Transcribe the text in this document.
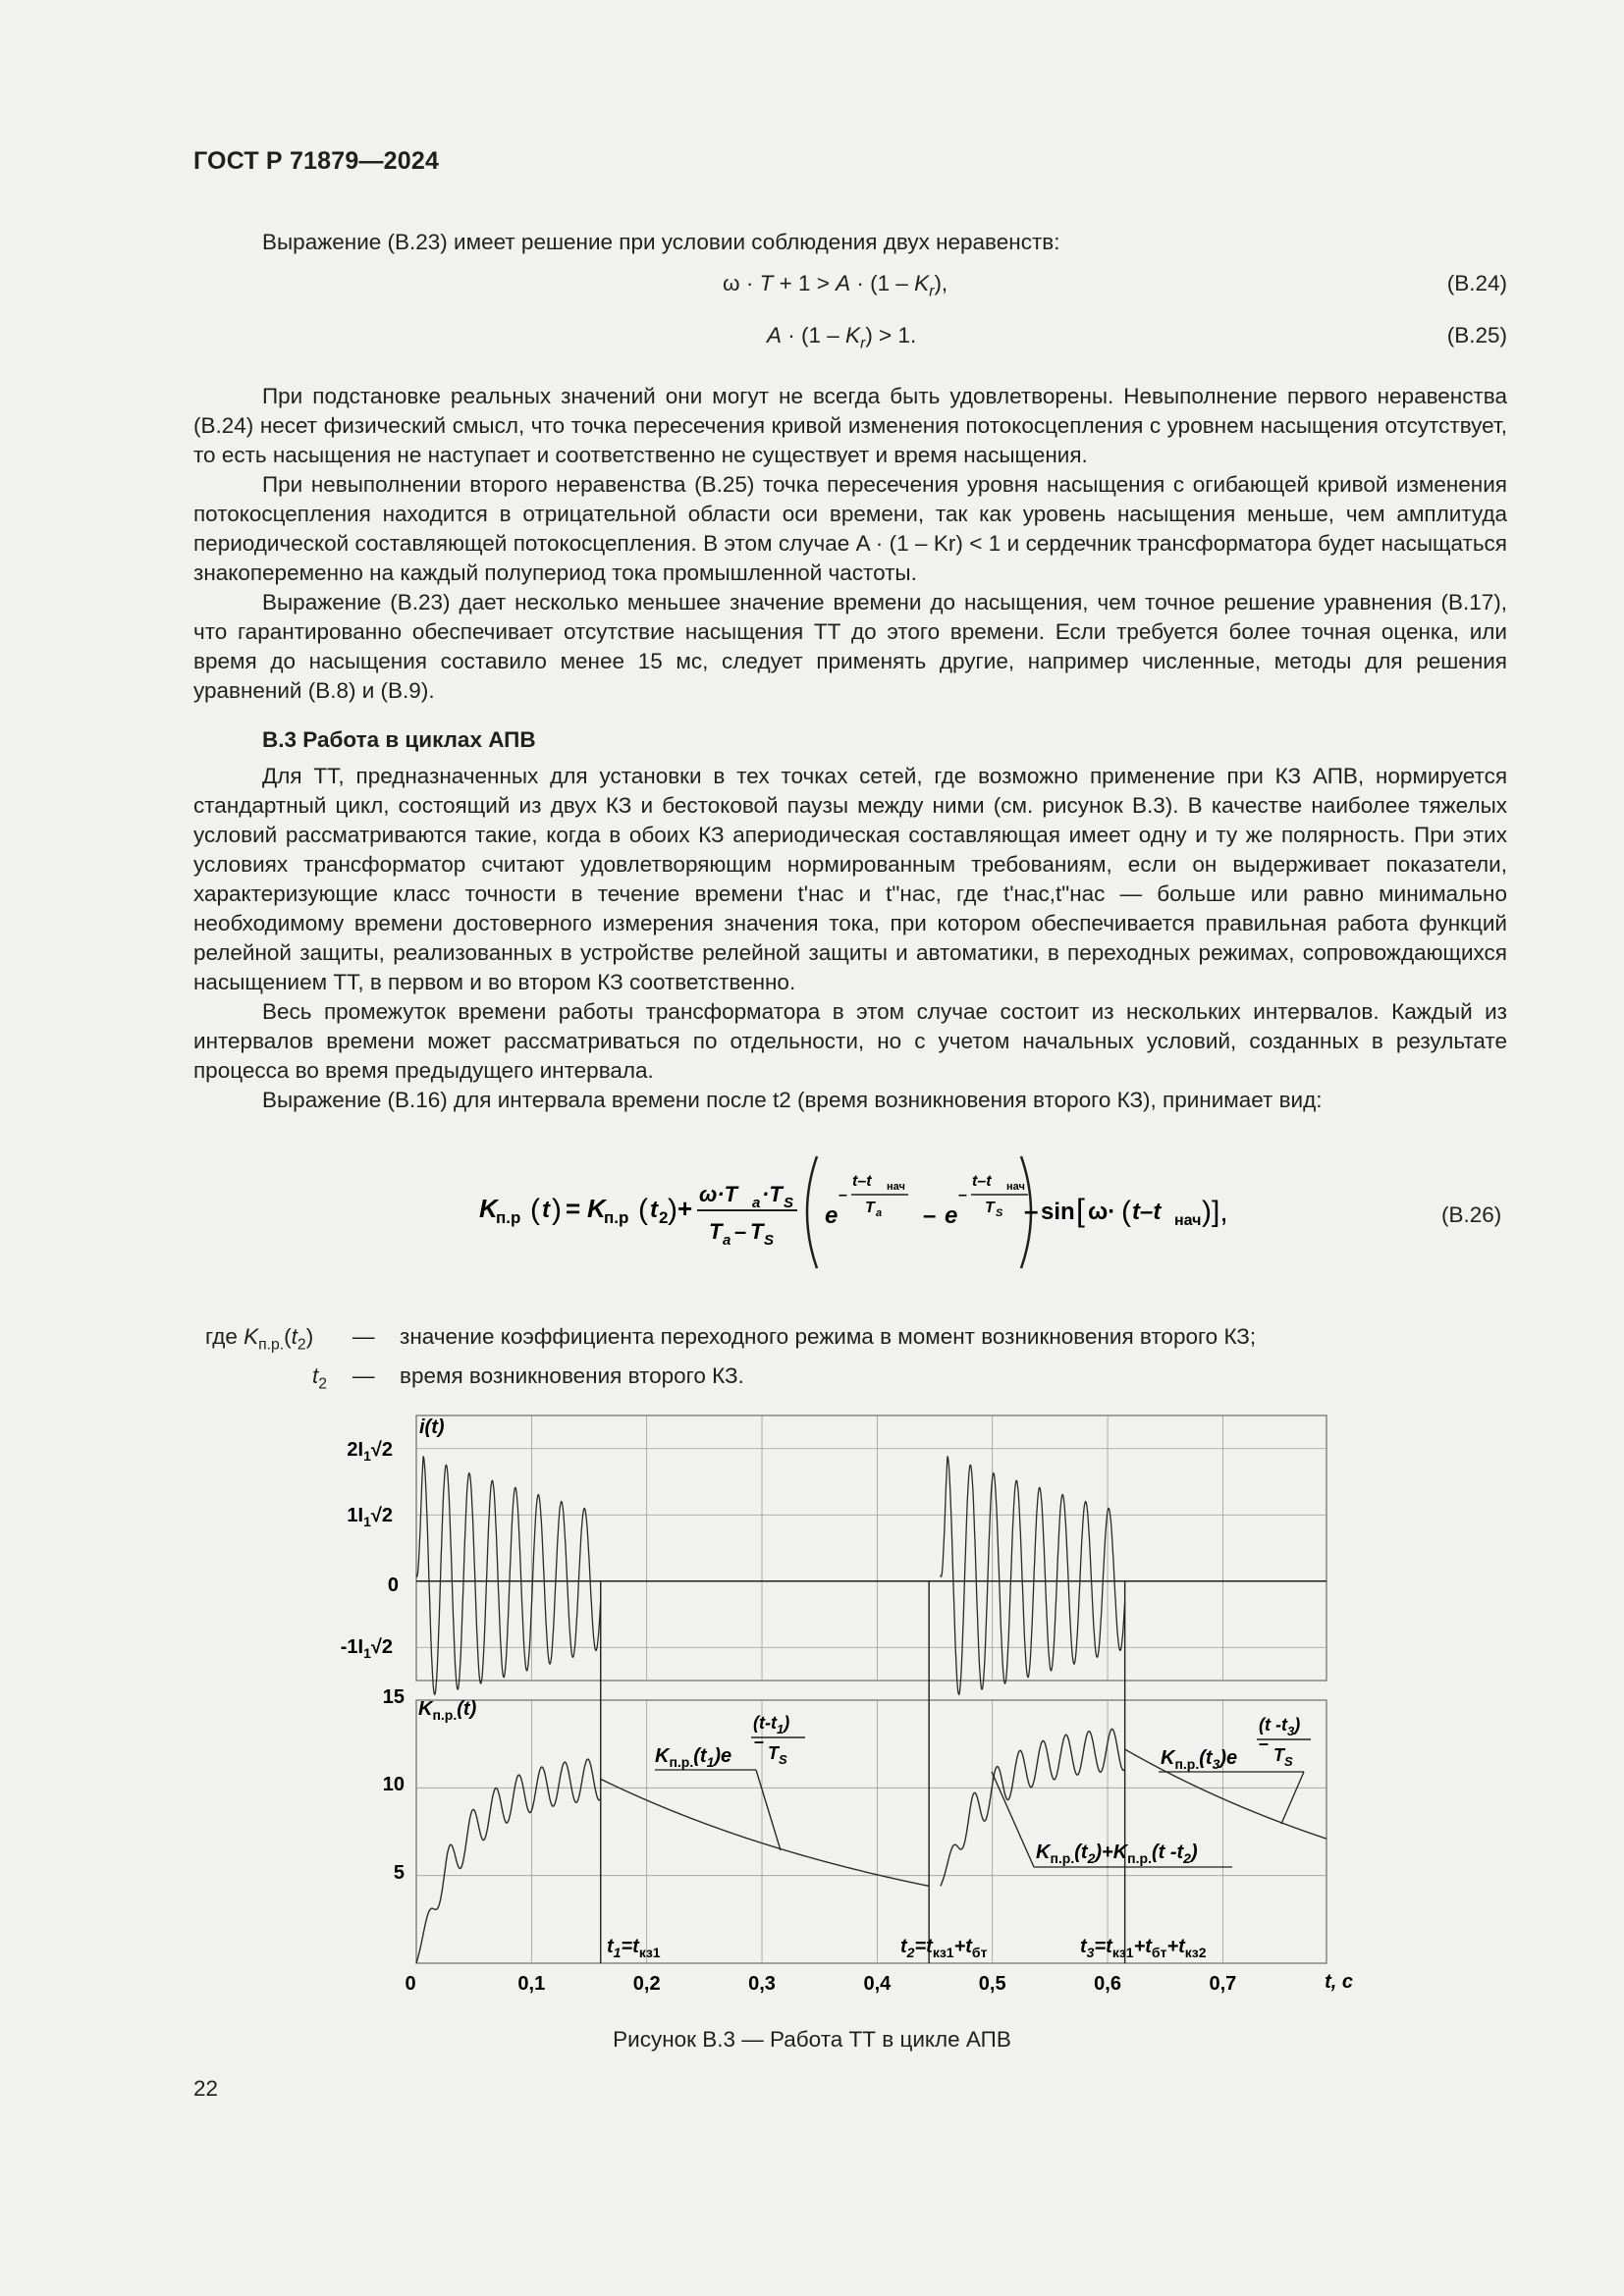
ГОСТ Р 71879—2024

Выражение (В.23) имеет решение при условии соблюдения двух неравенств:

$\omega \cdot T + 1 > A \cdot (1 - K_r)$,	(В.24)
$A \cdot (1 - K_r) > 1$.	(В.25)

При подстановке реальных значений они могут не всегда быть удовлетворены. Невыполнение первого неравенства (В.24) несет физический смысл, что точка пересечения кривой изменения потокосцепления с уровнем насыщения отсутствует, то есть насыщения не наступает и соответственно не существует и время насыщения.

При невыполнении второго неравенства (В.25) точка пересечения уровня насыщения с огибающей кривой изменения потокосцепления находится в отрицательной области оси времени, так как уровень насыщения меньше, чем амплитуда периодической составляющей потокосцепления. В этом случае A · (1 – Kr) < 1 и сердечник трансформатора будет насыщаться знакопеременно на каждый полупериод тока промышленной частоты.

Выражение (В.23) дает несколько меньшее значение времени до насыщения, чем точное решение уравнения (В.17), что гарантированно обеспечивает отсутствие насыщения ТТ до этого времени. Если требуется более точная оценка, или время до насыщения составило менее 15 мс, следует применять другие, например численные, методы для решения уравнений (В.8) и (В.9).

В.3 Работа в циклах АПВ

Для ТТ, предназначенных для установки в тех точках сетей, где возможно применение при КЗ АПВ, нормируется стандартный цикл, состоящий из двух КЗ и бестоковой паузы между ними (см. рисунок В.3). В качестве наиболее тяжелых условий рассматриваются такие, когда в обоих КЗ апериодическая составляющая имеет одну и ту же полярность. При этих условиях трансформатор считают удовлетворяющим нормированным требованиям, если он выдерживает показатели, характеризующие класс точности в течение времени t'нас и t"нас, где t'нас,t"нас — больше или равно минимально необходимому времени достоверного измерения значения тока, при котором обеспечивается правильная работа функций релейной защиты, реализованных в устройстве релейной защиты и автоматики, в переходных режимах, сопровождающихся насыщением ТТ, в первом и во втором КЗ соответственно.

Весь промежуток времени работы трансформатора в этом случае состоит из нескольких интервалов. Каждый из интервалов времени может рассматриваться по отдельности, но с учетом начальных условий, созданных в результате процесса во время предыдущего интервала.

Выражение (В.16) для интервала времени после t2 (время возникновения второго КЗ), принимает вид:

K
п.р ( t ) = K
п.р ( t 2 ) + ω·T a ·T S
T a – T S
e
–
t–t нач
T a – e
–
t–t нач
T S – sin [ ω· ( t–t нач ) ],	(В.26)
где $K_{п.р.}(t_2)$ — значение коэффициента переходного режима в момент возникновения второго КЗ;
$t_2$ — время возникновения второго КЗ.
i(t)
$2I_1√2$
$1I_1√2$
0
$-1I_1√2$
$K_{п.р.}(t)$
15
10
5
0	0,1	0,2	0,3	0,4	0,5	0,6	0,7	t, с
$t_1=t_{кз1}$	$t_2=t_{кз1}+t_{бт}$	$t_3=t_{кз1}+t_{бт}+t_{кз2}$
$K_{п.р.}(t_1)e$
–
$(t-t_1)$
$T_S$
$K_{п.р.}(t_2)+K_{п.р.}(t$ $-t_2$)
$K_{п.р.}(t_3)e$
–
(t $-t_3$)
$T_S$
Рисунок В.3 — Работа ТТ в цикле АПВ
22
